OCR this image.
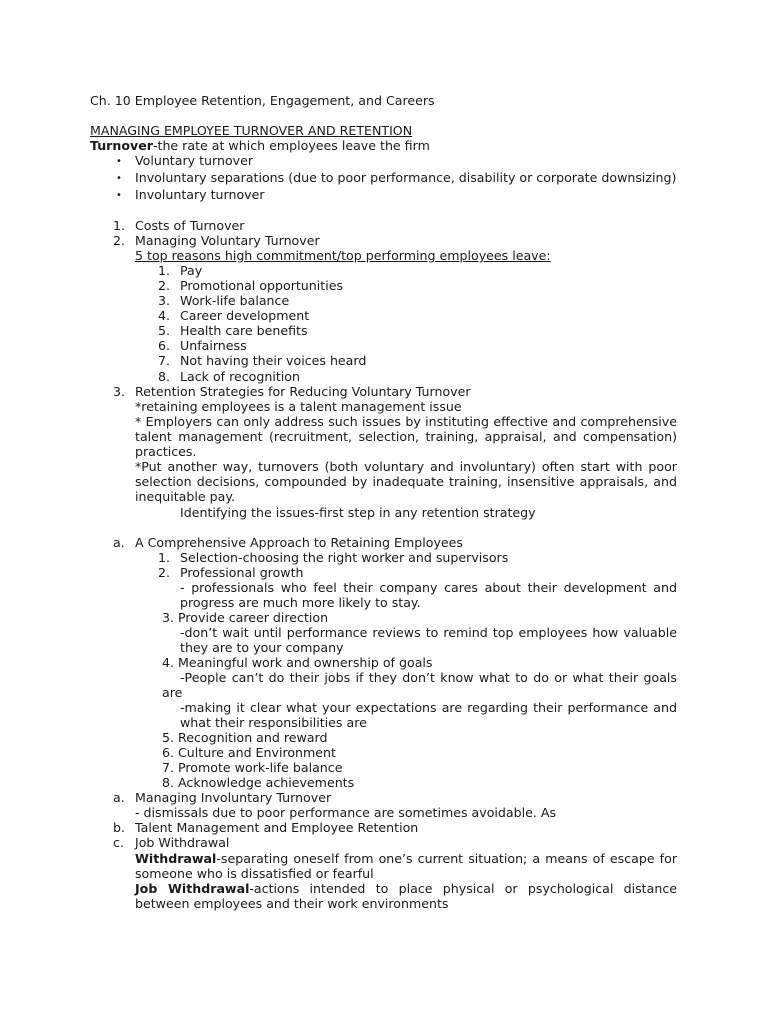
Ch. 10 Employee Retention, Engagement, and Careers
MANAGING EMPLOYEE TURNOVER AND RETENTION
Turnover-the rate at which employees leave the firm
• Voluntary turnover
• Involuntary separations (due to poor performance, disability or corporate downsizing)
• Involuntary turnover
1. Costs of Turnover
2. Managing Voluntary Turnover
5 top reasons high commitment/top performing employees leave:
1. Pay
2. Promotional opportunities
3. Work-life balance
4. Career development
5. Health care benefits
6. Unfairness
7. Not having their voices heard
8. Lack of recognition
3. Retention Strategies for Reducing Voluntary Turnover
*retaining employees is a talent management issue
* Employers can only address such issues by instituting effective and comprehensive
talent management (recruitment, selection, training, appraisal, and compensation)
practices.
*Put another way, turnovers (both voluntary and involuntary) often start with poor
selection decisions, compounded by inadequate training, insensitive appraisals, and
inequitable pay.
Identifying the issues-first step in any retention strategy
a. A Comprehensive Approach to Retaining Employees
1. Selection-choosing the right worker and supervisors
2. Professional growth
- professionals who feel their company cares about their development and
progress are much more likely to stay.
3. Provide career direction
-don’t wait until performance reviews to remind top employees how valuable
they are to your company
4. Meaningful work and ownership of goals
-People can’t do their jobs if they don’t know what to do or what their goals
are
-making it clear what your expectations are regarding their performance and
what their responsibilities are
5. Recognition and reward
6. Culture and Environment
7. Promote work-life balance
8. Acknowledge achievements
a. Managing Involuntary Turnover
- dismissals due to poor performance are sometimes avoidable. As
b. Talent Management and Employee Retention
c. Job Withdrawal
Withdrawal-separating oneself from one’s current situation; a means of escape for
someone who is dissatisfied or fearful
Job Withdrawal-actions intended to place physical or psychological distance
between employees and their work environments
